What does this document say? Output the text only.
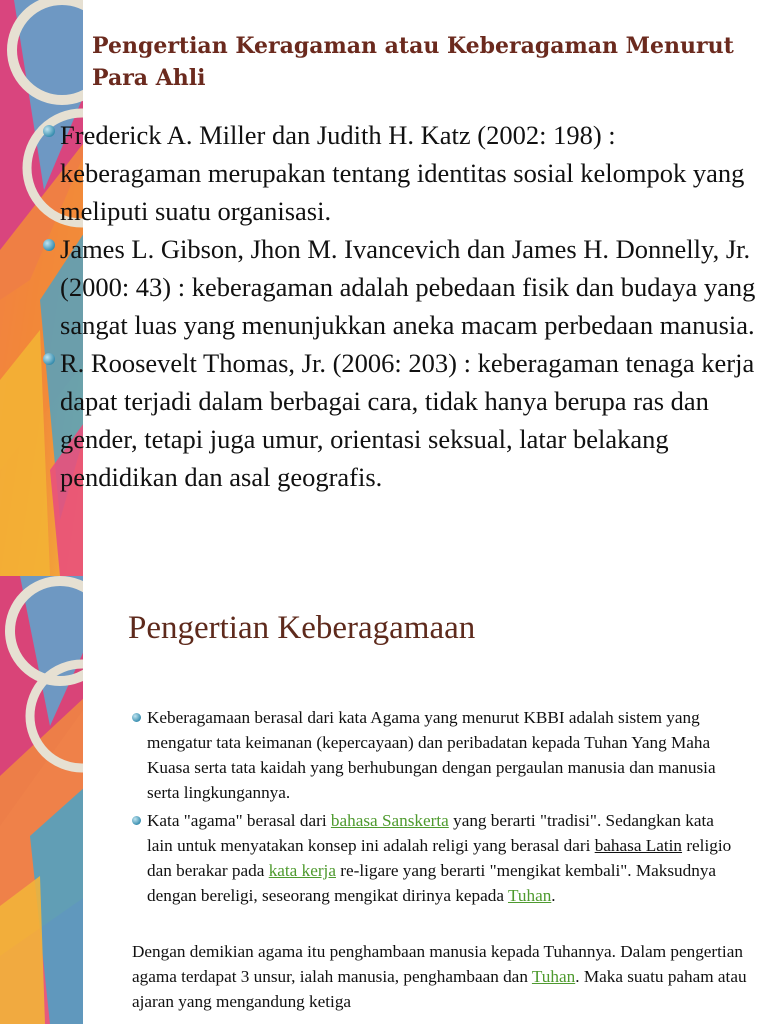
Pengertian Keragaman atau Keberagaman Menurut Para Ahli
Frederick A. Miller dan Judith H. Katz (2002: 198) : keberagaman merupakan tentang identitas sosial kelompok yang meliputi suatu organisasi.
James L. Gibson, Jhon M. Ivancevich dan James H. Donnelly, Jr. (2000: 43) : keberagaman adalah pebedaan fisik dan budaya yang sangat luas yang menunjukkan aneka macam perbedaan manusia.
R. Roosevelt Thomas, Jr. (2006: 203) : keberagaman tenaga kerja dapat terjadi dalam berbagai cara, tidak hanya berupa ras dan gender, tetapi juga umur, orientasi seksual, latar belakang pendidikan dan asal geografis.
Pengertian Keberagamaan
Keberagamaan berasal dari kata Agama yang menurut KBBI adalah sistem yang mengatur tata keimanan (kepercayaan) dan peribadatan kepada Tuhan Yang Maha Kuasa serta tata kaidah yang berhubungan dengan pergaulan manusia dan manusia serta lingkungannya.
Kata "agama" berasal dari bahasa Sanskerta yang berarti "tradisi". Sedangkan kata lain untuk menyatakan konsep ini adalah religi yang berasal dari bahasa Latin religio dan berakar pada kata kerja re-ligare yang berarti "mengikat kembali". Maksudnya dengan bereligi, seseorang mengikat dirinya kepada Tuhan.

Dengan demikian agama itu penghambaan manusia kepada Tuhannya. Dalam pengertian agama terdapat 3 unsur, ialah manusia, penghambaan dan Tuhan. Maka suatu paham atau ajaran yang mengandung ketiga
